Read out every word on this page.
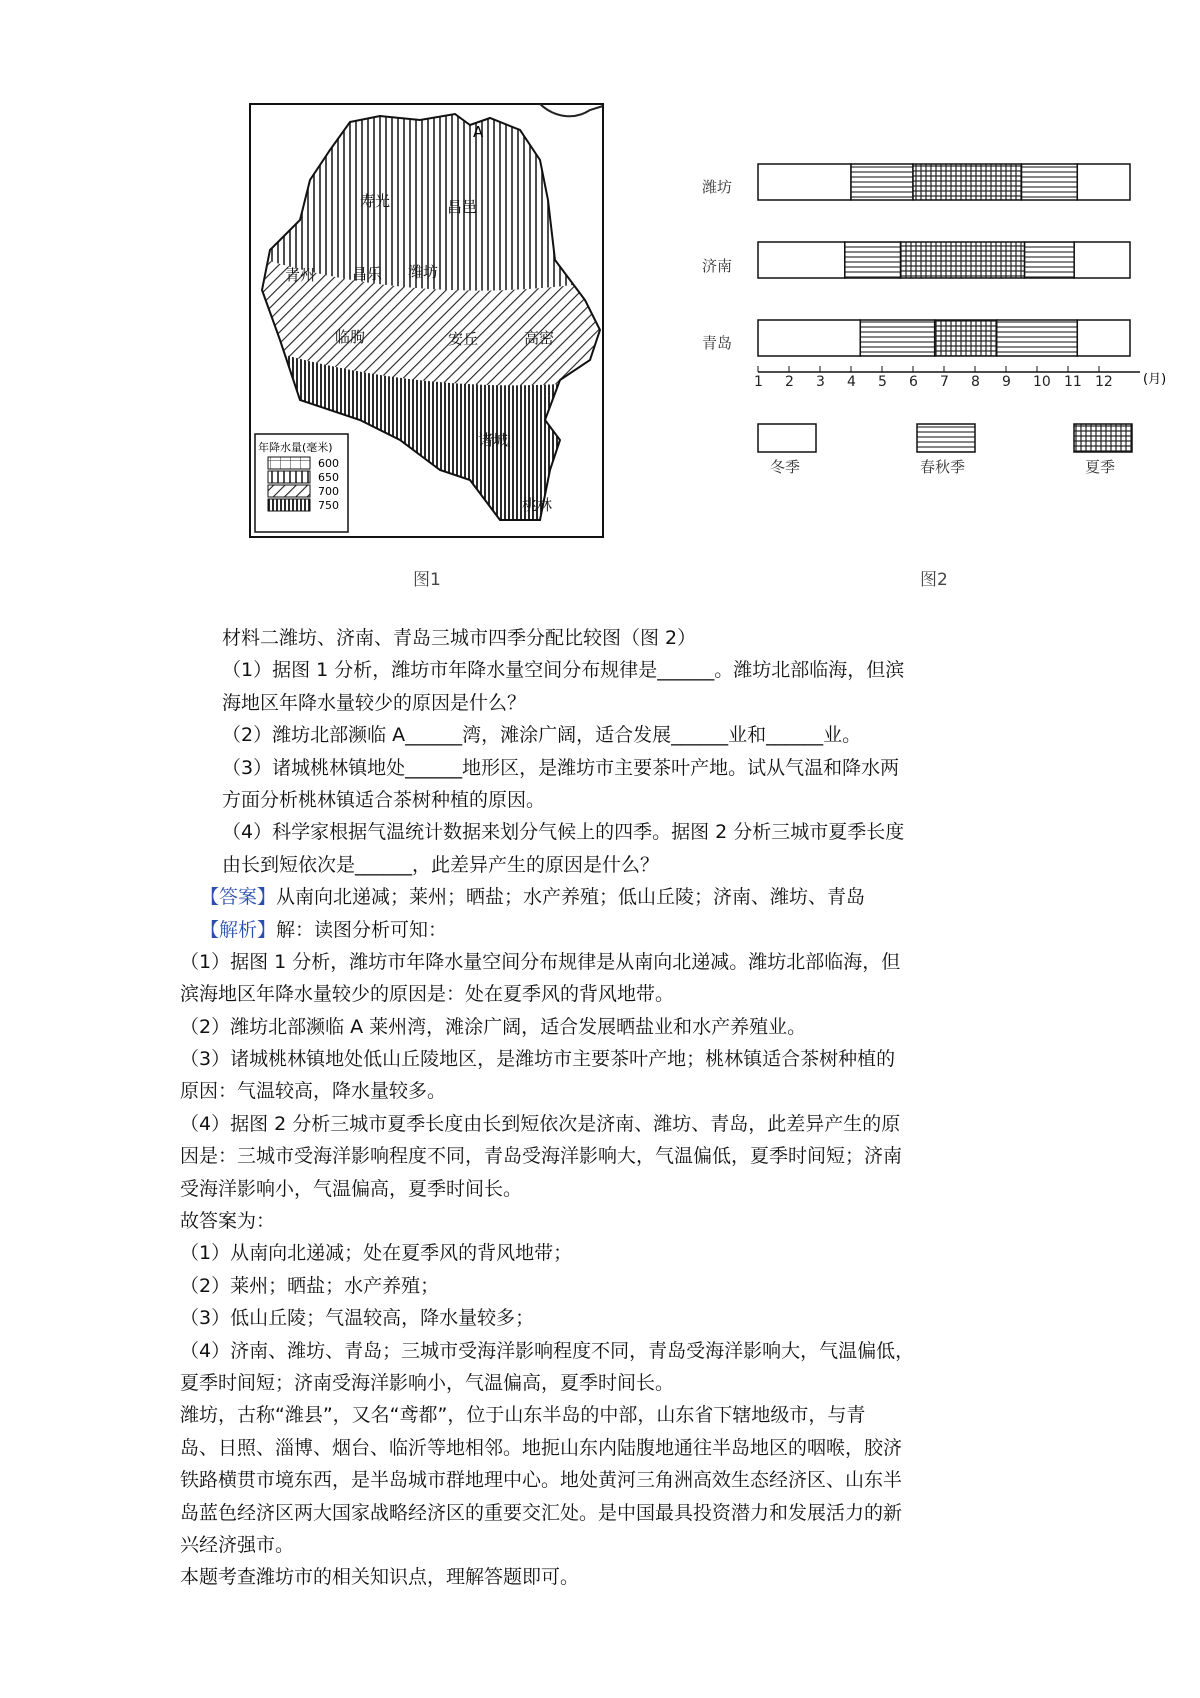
A
寿光	昌邑
青州 昌乐 潍坊
高密
安丘
临朐
诸城
桃林
年降水量(毫米)
600
650
700
750
潍坊
济南
青岛
1 2 3 4 5 6 7 8 9 10 11 12 (月)
冬季	春秋季	夏季
图1	图2
材料二潍坊、济南、青岛三城市四季分配比较图（图 2）
（1）据图 1 分析，潍坊市年降水量空间分布规律是______。潍坊北部临海，但滨
海地区年降水量较少的原因是什么？
（2）潍坊北部濒临 A______湾，滩涂广阔，适合发展______业和______业。
（3）诸城桃林镇地处______地形区，是潍坊市主要茶叶产地。试从气温和降水两
方面分析桃林镇适合茶树种植的原因。
（4）科学家根据气温统计数据来划分气候上的四季。据图 2 分析三城市夏季长度
由长到短依次是______，此差异产生的原因是什么？
【答案】从南向北递减；莱州；晒盐；水产养殖；低山丘陵；济南、潍坊、青岛
【解析】解：读图分析可知：
（1）据图 1 分析，潍坊市年降水量空间分布规律是从南向北递减。潍坊北部临海，但
滨海地区年降水量较少的原因是：处在夏季风的背风地带。
（2）潍坊北部濒临 A 莱州湾，滩涂广阔，适合发展晒盐业和水产养殖业。
（3）诸城桃林镇地处低山丘陵地区，是潍坊市主要茶叶产地；桃林镇适合茶树种植的
原因：气温较高，降水量较多。
（4）据图 2 分析三城市夏季长度由长到短依次是济南、潍坊、青岛，此差异产生的原
因是：三城市受海洋影响程度不同，青岛受海洋影响大，气温偏低，夏季时间短；济南
受海洋影响小，气温偏高，夏季时间长。
故答案为：
（1）从南向北递减；处在夏季风的背风地带；
（2）莱州；晒盐；水产养殖；
（3）低山丘陵；气温较高，降水量较多；
（4）济南、潍坊、青岛；三城市受海洋影响程度不同，青岛受海洋影响大，气温偏低，
夏季时间短；济南受海洋影响小，气温偏高，夏季时间长。
潍坊，古称“潍县”，又名“鸢都”，位于山东半岛的中部，山东省下辖地级市，与青
岛、日照、淄博、烟台、临沂等地相邻。地扼山东内陆腹地通往半岛地区的咽喉，胶济
铁路横贯市境东西，是半岛城市群地理中心。地处黄河三角洲高效生态经济区、山东半
岛蓝色经济区两大国家战略经济区的重要交汇处。是中国最具投资潜力和发展活力的新
兴经济强市。
本题考查潍坊市的相关知识点，理解答题即可。
